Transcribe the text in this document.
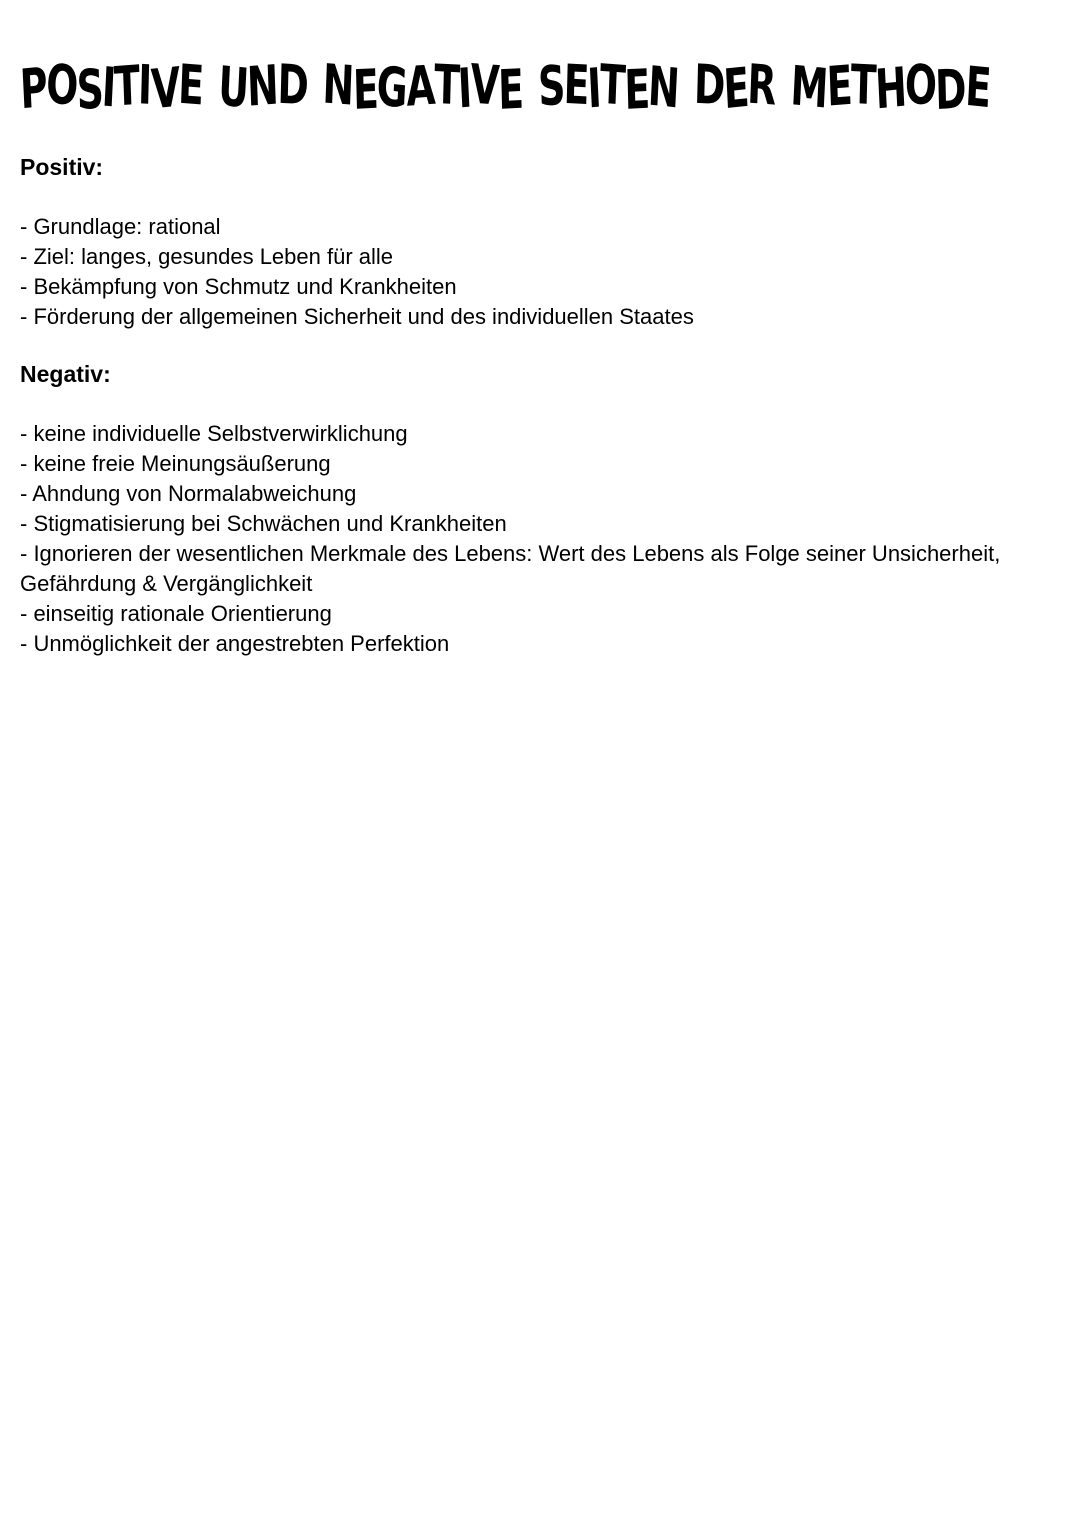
POSITIVE UND NEGATIVE SEITEN DER METHODE
Positiv:
- Grundlage: rational
- Ziel: langes, gesundes Leben für alle
- Bekämpfung von Schmutz und Krankheiten
- Förderung der allgemeinen Sicherheit und des individuellen Staates
Negativ:
- keine individuelle Selbstverwirklichung
- keine freie Meinungsäußerung
- Ahndung von Normalabweichung
- Stigmatisierung bei Schwächen und Krankheiten
- Ignorieren der wesentlichen Merkmale des Lebens: Wert des Lebens als Folge seiner Unsicherheit, Gefährdung & Vergänglichkeit
- einseitig rationale Orientierung
- Unmöglichkeit der angestrebten Perfektion
